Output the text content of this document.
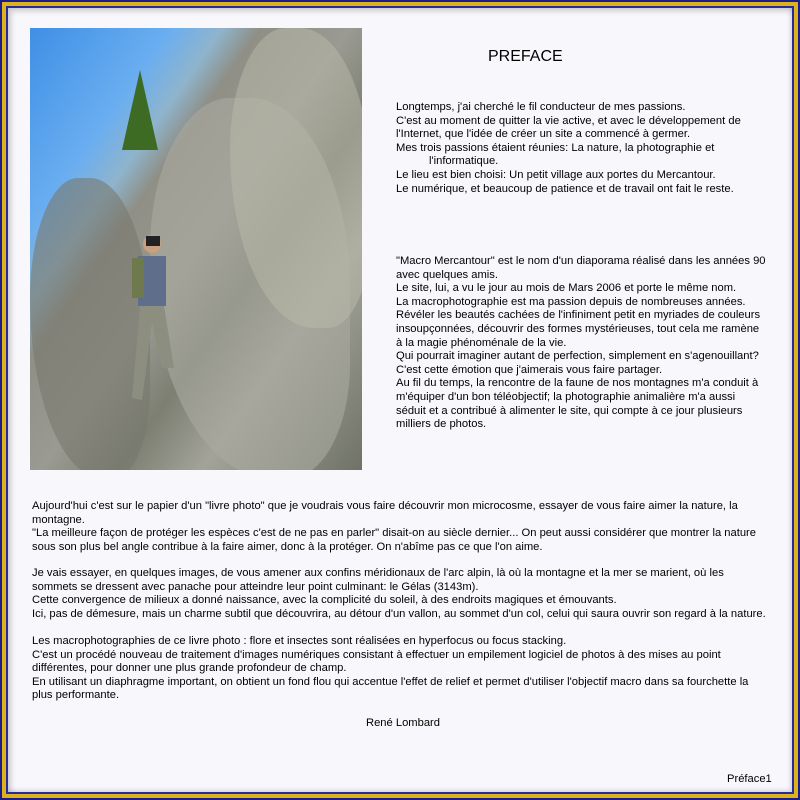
PREFACE
Longtemps, j'ai cherché le fil conducteur de mes passions.
C'est au moment de quitter la vie active, et avec le développement de
l'Internet, que l'idée de créer un site a commencé à germer.
Mes trois passions étaient réunies: La nature, la photographie et
l'informatique.
Le lieu est bien choisi: Un petit village aux portes du Mercantour.
Le numérique, et beaucoup de patience et de travail ont fait le reste.
"Macro Mercantour" est le nom d'un diaporama réalisé dans les années 90
avec quelques amis.
Le site, lui, a vu le jour au mois de Mars 2006 et porte le même nom.
La macrophotographie est ma passion depuis de nombreuses années.
Révéler les beautés cachées de l'infiniment petit en myriades de couleurs
insoupçonnées, découvrir des formes mystérieuses, tout cela me ramène
à la magie phénoménale de la vie.
Qui pourrait imaginer autant de perfection, simplement en s'agenouillant?
C'est cette émotion que j'aimerais vous faire partager.
Au fil du temps, la rencontre de la faune de nos montagnes m'a conduit à
m'équiper d'un bon téléobjectif; la photographie animalière m'a aussi
séduit et a contribué à alimenter le site, qui compte à ce jour plusieurs
milliers de photos.
Aujourd'hui c'est sur le papier d'un "livre photo" que je voudrais vous faire découvrir mon microcosme, essayer de vous faire aimer la nature, la
montagne.
"La meilleure façon de protéger les espèces c'est de ne pas en parler" disait-on au siècle dernier... On peut aussi considérer que montrer la nature
sous son plus bel angle contribue à la faire aimer, donc à la protéger. On n'abîme pas ce que l'on aime.
Je vais essayer, en quelques images, de vous amener aux confins méridionaux de l'arc alpin, là où la montagne et la mer se marient, où les
sommets se dressent avec panache pour atteindre leur point culminant: le Gélas (3143m).
Cette convergence de milieux a donné naissance, avec la complicité du soleil, à des endroits magiques et émouvants.
Ici, pas de démesure, mais un charme subtil que découvrira, au détour d'un vallon, au sommet d'un col, celui qui saura ouvrir son regard à la nature.
Les macrophotographies de ce livre photo : flore et insectes sont réalisées en hyperfocus ou focus stacking.
C'est un procédé nouveau de traitement d'images numériques consistant à effectuer un empilement logiciel de photos à des mises au point
différentes, pour donner une plus grande profondeur de champ.
En utilisant un diaphragme important, on obtient un fond flou qui accentue l'effet de relief et permet d'utiliser l'objectif macro dans sa fourchette la
plus performante.
René Lombard
Préface1
